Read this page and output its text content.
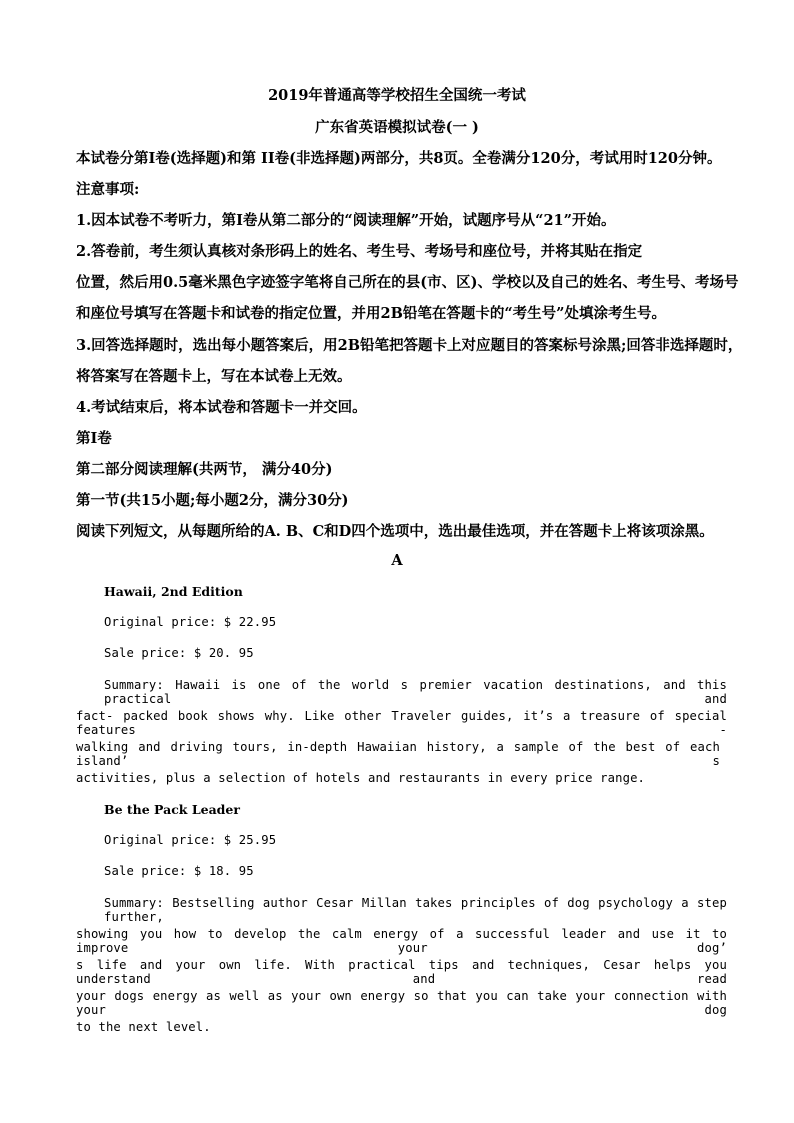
2019年普通高等学校招生全国统一考试
广东省英语模拟试卷(一 )
本试卷分第Ⅰ卷(选择题)和第 II卷(非选择题)两部分，共8页。全卷满分120分，考试用时120分钟。
注意事项:
1.因本试卷不考听力，第Ⅰ卷从第二部分的“阅读理解”开始，试题序号从“21”开始。
2.答卷前，考生须认真核对条形码上的姓名、考生号、考场号和座位号，并将其贴在指定
位置，然后用0.5毫米黑色字迹签字笔将自己所在的县(市、区)、学校以及自己的姓名、考生号、考场号
和座位号填写在答题卡和试卷的指定位置，并用2B铅笔在答题卡的“考生号”处填涂考生号。
3.回答选择题时，选出每小题答案后，用2B铅笔把答题卡上对应题目的答案标号涂黑;回答非选择题时，
将答案写在答题卡上，写在本试卷上无效。
4.考试结束后，将本试卷和答题卡一并交回。
第Ⅰ卷
第二部分阅读理解(共两节， 满分40分)
第一节(共15小题;每小题2分，满分30分)
阅读下列短文，从每题所给的A. B、C和D四个选项中，选出最佳选项，并在答题卡上将该项涂黑。
A
Hawaii, 2nd Edition
Original price: $ 22.95
Sale price: $ 20. 95
Summary: Hawaii is one of the world s premier vacation destinations, and this practical and
fact- packed book shows why. Like other Traveler guides, it’s a treasure of special features -
walking and driving tours, in-depth Hawaiian history, a sample of the best of each island’ s
activities, plus a selection of hotels and restaurants in every price range.
Be the Pack Leader
Original price: $ 25.95
Sale price: $ 18. 95
Summary: Bestselling author Cesar Millan takes principles of dog psychology a step further,
showing you how to develop the calm energy of a successful leader and use it to improve your dog’
s life and your own life. With practical tips and techniques, Cesar helps you understand and read
your dogs energy as well as your own energy so that you can take your connection with your dog
to the next level.
